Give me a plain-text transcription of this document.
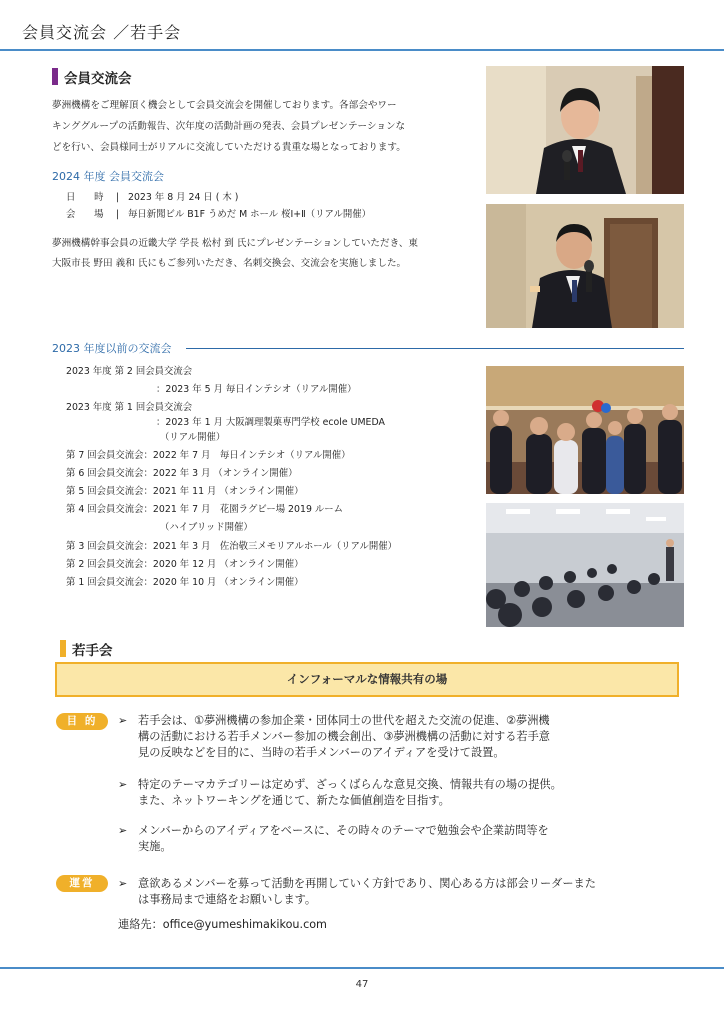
会員交流会 ／若手会
会員交流会
夢洲機構をご理解頂く機会として会員交流会を開催しております。各部会やワー
キンググループの活動報告、次年度の活動計画の発表、会員プレゼンテーションな
どを行い、会員様同士がリアルに交流していただける貴重な場となっております。
2024 年度 会員交流会
日　　時 | 2023 年 8 月 24 日 ( 木 )
会　　場 | 毎日新聞ビル B1F うめだ M ホール 桜Ⅰ+Ⅱ（リアル開催）
夢洲機構幹事会員の近畿大学 学長 松村 到 氏にプレゼンテーションしていただき、東
大阪市長 野田 義和 氏にもご参列いただき、名刺交換会、交流会を実施しました。
2023 年度以前の交流会
2023 年度 第 2 回会員交流会
：2023 年 5 月 毎日インテシオ（リアル開催）
2023 年度 第 1 回会員交流会
：2023 年 1 月 大阪調理製菓専門学校 ecole UMEDA
（リアル開催）
第 7 回会員交流会：2022 年 7 月　毎日インテシオ（リアル開催）
第 6 回会員交流会：2022 年 3 月 （オンライン開催）
第 5 回会員交流会：2021 年 11 月 （オンライン開催）
第 4 回会員交流会：2021 年 7 月　花園ラグビー場 2019 ルーム
（ハイブリッド開催）
第 3 回会員交流会：2021 年 3 月　佐治敬三メモリアルホール（リアル開催）
第 2 回会員交流会：2020 年 12 月 （オンライン開催）
第 1 回会員交流会：2020 年 10 月 （オンライン開催）
若手会
インフォーマルな情報共有の場
目 的	➢ 若手会は、①夢洲機構の参加企業・団体同士の世代を超えた交流の促進、②夢洲機
構の活動における若手メンバー参加の機会創出、③夢洲機構の活動に対する若手意
見の反映などを目的に、当時の若手メンバーのアイディアを受けて設置。
➢ 特定のテーマカテゴリーは定めず、ざっくばらんな意見交換、情報共有の場の提供。
また、ネットワーキングを通じて、新たな価値創造を目指す。
➢ メンバーからのアイディアをベースに、その時々のテーマで勉強会や企業訪問等を
実施。
運営	➢ 意欲あるメンバーを募って活動を再開していく方針であり、関心ある方は部会リーダーまた
は事務局まで連絡をお願いします。
連絡先：office@yumeshimakikou.com
47
